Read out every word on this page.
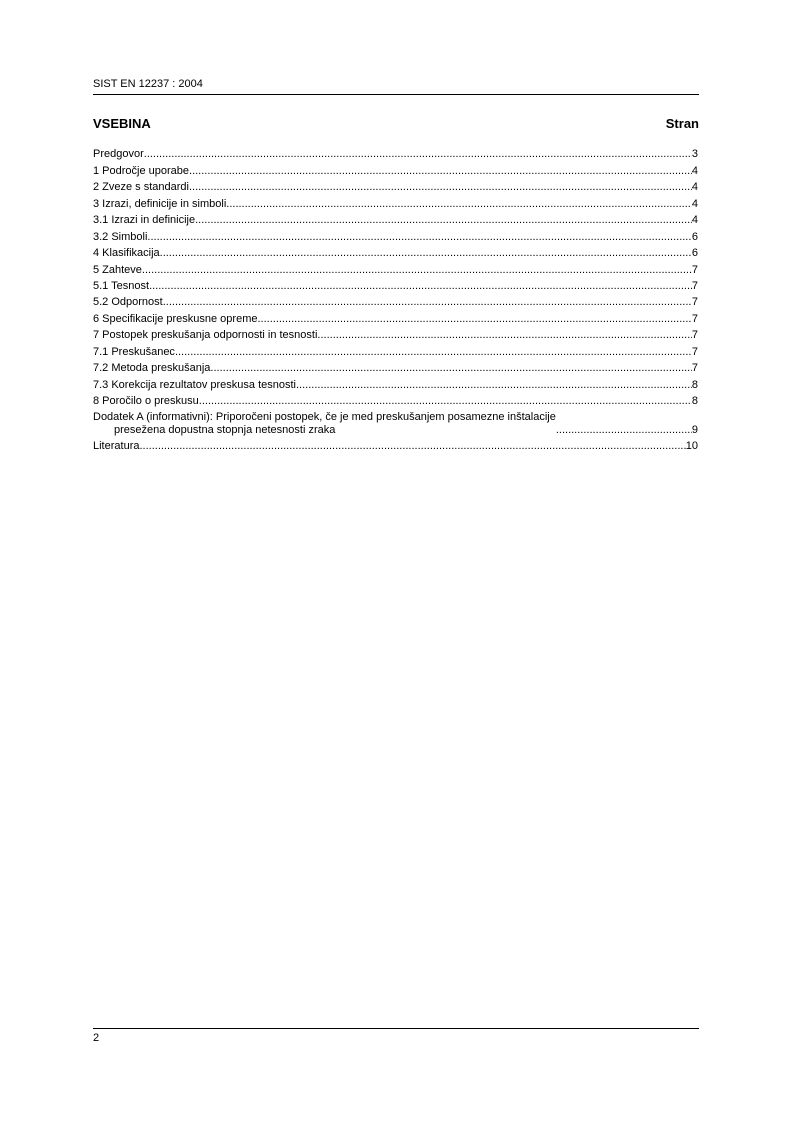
SIST EN 12237 : 2004
VSEBINA	Stran
Predgovor .....	3
1 Področje uporabe .....	4
2 Zveze s standardi .....	4
3 Izrazi, definicije in simboli .....	4
3.1 Izrazi in definicije .....	4
3.2 Simboli .....	6
4 Klasifikacija .....	6
5 Zahteve .....	7
5.1 Tesnost .....	7
5.2 Odpornost .....	7
6 Specifikacije preskusne opreme .....	7
7 Postopek preskušanja odpornosti in tesnosti .....	7
7.1 Preskušanec .....	7
7.2 Metoda preskušanja .....	7
7.3 Korekcija rezultatov preskusa tesnosti .....	8
8 Poročilo o preskusu .....	8
Dodatek A (informativni): Priporočeni postopek, če je med preskušanjem posamezne inštalacije
presežena dopustna stopnja netesnosti zraka .....	9
Literatura .....	10
2
